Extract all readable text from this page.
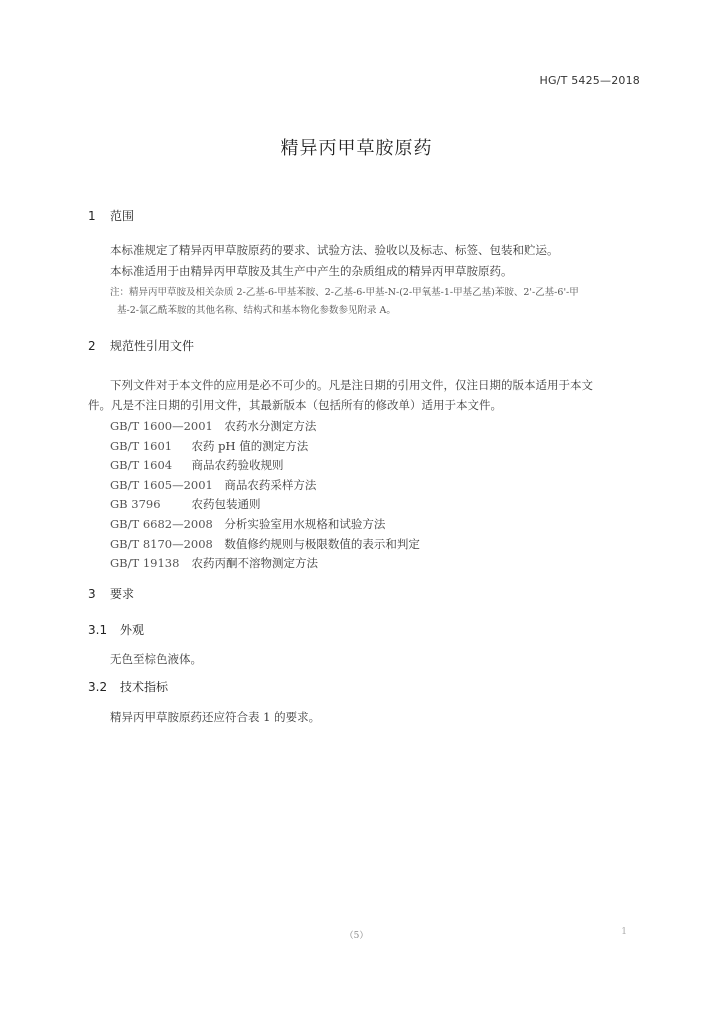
HG/T 5425—2018
精异丙甲草胺原药
1 范围
本标准规定了精异丙甲草胺原药的要求、试验方法、验收以及标志、标签、包装和贮运。
本标准适用于由精异丙甲草胺及其生产中产生的杂质组成的精异丙甲草胺原药。
注：精异丙甲草胺及相关杂质 2-乙基-6-甲基苯胺、2-乙基-6-甲基-N-(2-甲氧基-1-甲基乙基)苯胺、2'-乙基-6'-甲
基-2-氯乙酰苯胺的其他名称、结构式和基本物化参数参见附录 A。
2 规范性引用文件
下列文件对于本文件的应用是必不可少的。凡是注日期的引用文件，仅注日期的版本适用于本文
件。凡是不注日期的引用文件，其最新版本（包括所有的修改单）适用于本文件。
GB/T 1600—2001　 农药水分测定方法
GB/T 1601　 农药 pH 值的测定方法
GB/T 1604　 商品农药验收规则
GB/T 1605—2001　 商品农药采样方法
GB 3796　	农药包装通则
GB/T 6682—2008　 分析实验室用水规格和试验方法
GB/T 8170—2008　 数值修约规则与极限数值的表示和判定
GB/T 19138　 农药丙酮不溶物测定方法
3 要求
3.1 外观
无色至棕色液体。
3.2 技术指标
精异丙甲草胺原药还应符合表 1 的要求。
（5）	1
